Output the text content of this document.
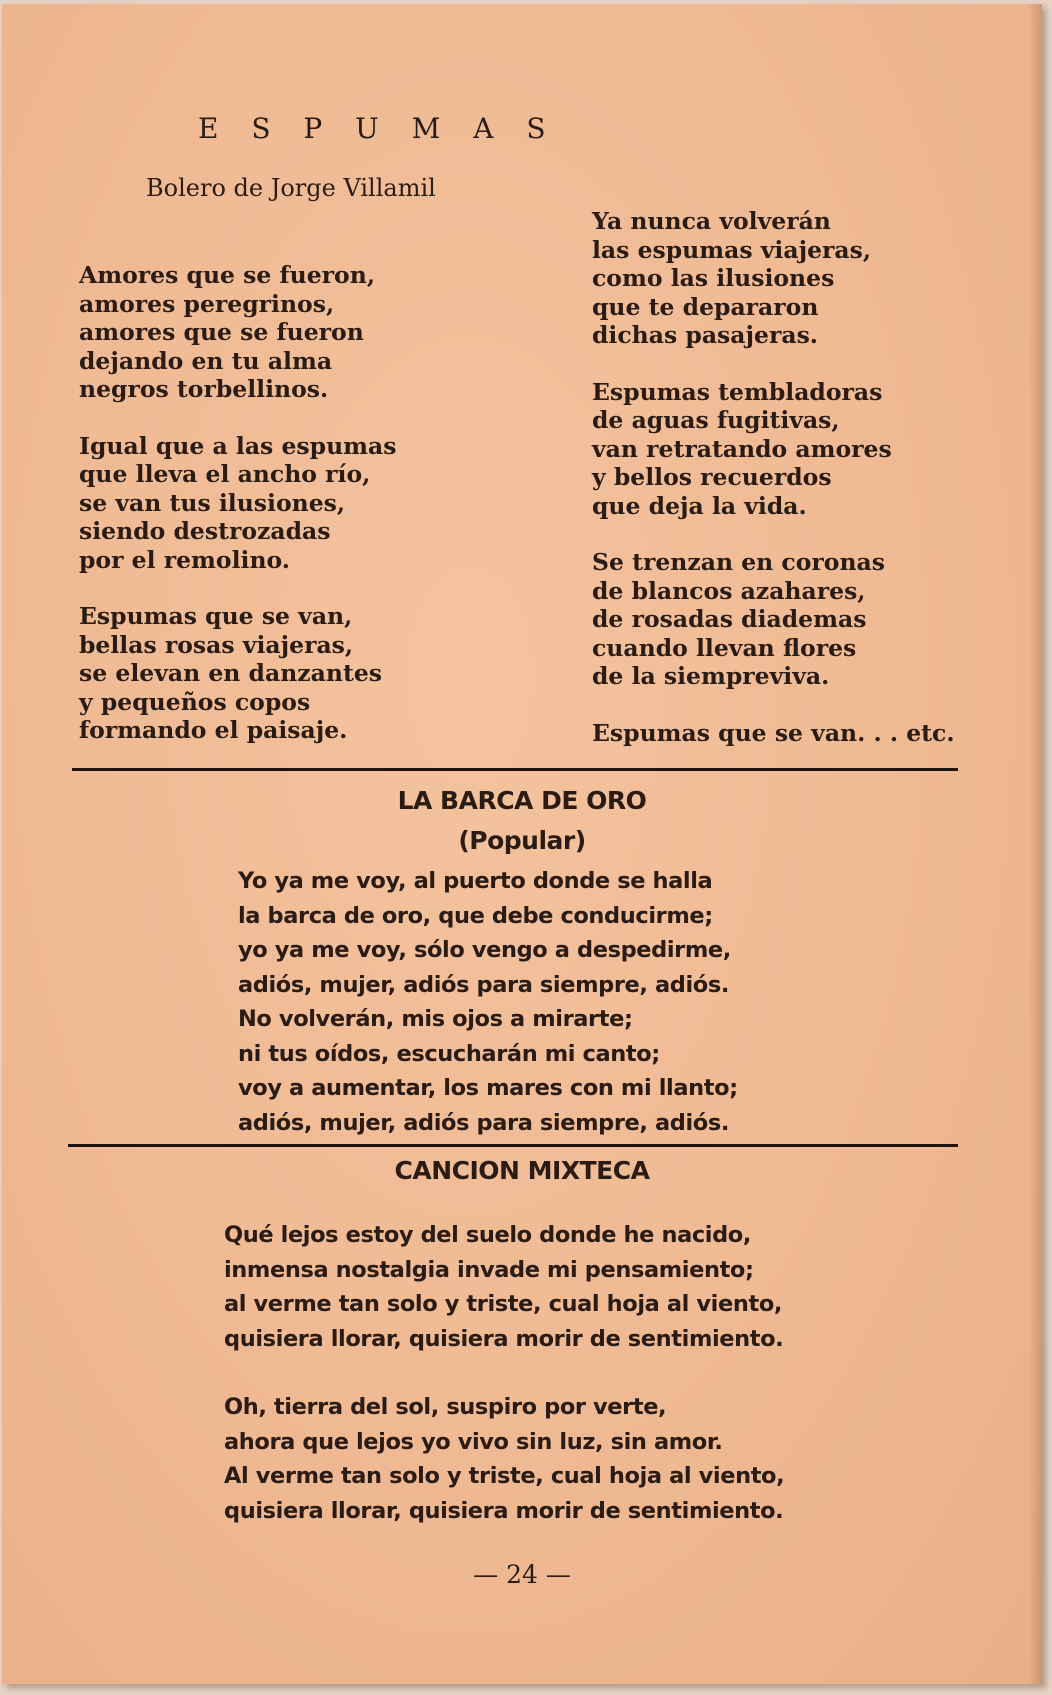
E S P U M A S
Bolero de Jorge Villamil
Amores que se fueron,
amores peregrinos,
amores que se fueron
dejando en tu alma
negros torbellinos.
Igual que a las espumas
que lleva el ancho río,
se van tus ilusiones,
siendo destrozadas
por el remolino.
Espumas que se van,
bellas rosas viajeras,
se elevan en danzantes
y pequeños copos
formando el paisaje.
Ya nunca volverán
las espumas viajeras,
como las ilusiones
que te depararon
dichas pasajeras.
Espumas tembladoras
de aguas fugitivas,
van retratando amores
y bellos recuerdos
que deja la vida.
Se trenzan en coronas
de blancos azahares,
de rosadas diademas
cuando llevan flores
de la siempreviva.
Espumas que se van. . . etc.
LA BARCA DE ORO
(Popular)
Yo ya me voy, al puerto donde se halla
la barca de oro, que debe conducirme;
yo ya me voy, sólo vengo a despedirme,
adiós, mujer, adiós para siempre, adiós.
No volverán, mis ojos a mirarte;
ni tus oídos, escucharán mi canto;
voy a aumentar, los mares con mi llanto;
adiós, mujer, adiós para siempre, adiós.
CANCION MIXTECA
Qué lejos estoy del suelo donde he nacido,
inmensa nostalgia invade mi pensamiento;
al verme tan solo y triste, cual hoja al viento,
quisiera llorar, quisiera morir de sentimiento.
Oh, tierra del sol, suspiro por verte,
ahora que lejos yo vivo sin luz, sin amor.
Al verme tan solo y triste, cual hoja al viento,
quisiera llorar, quisiera morir de sentimiento.
— 24 —
